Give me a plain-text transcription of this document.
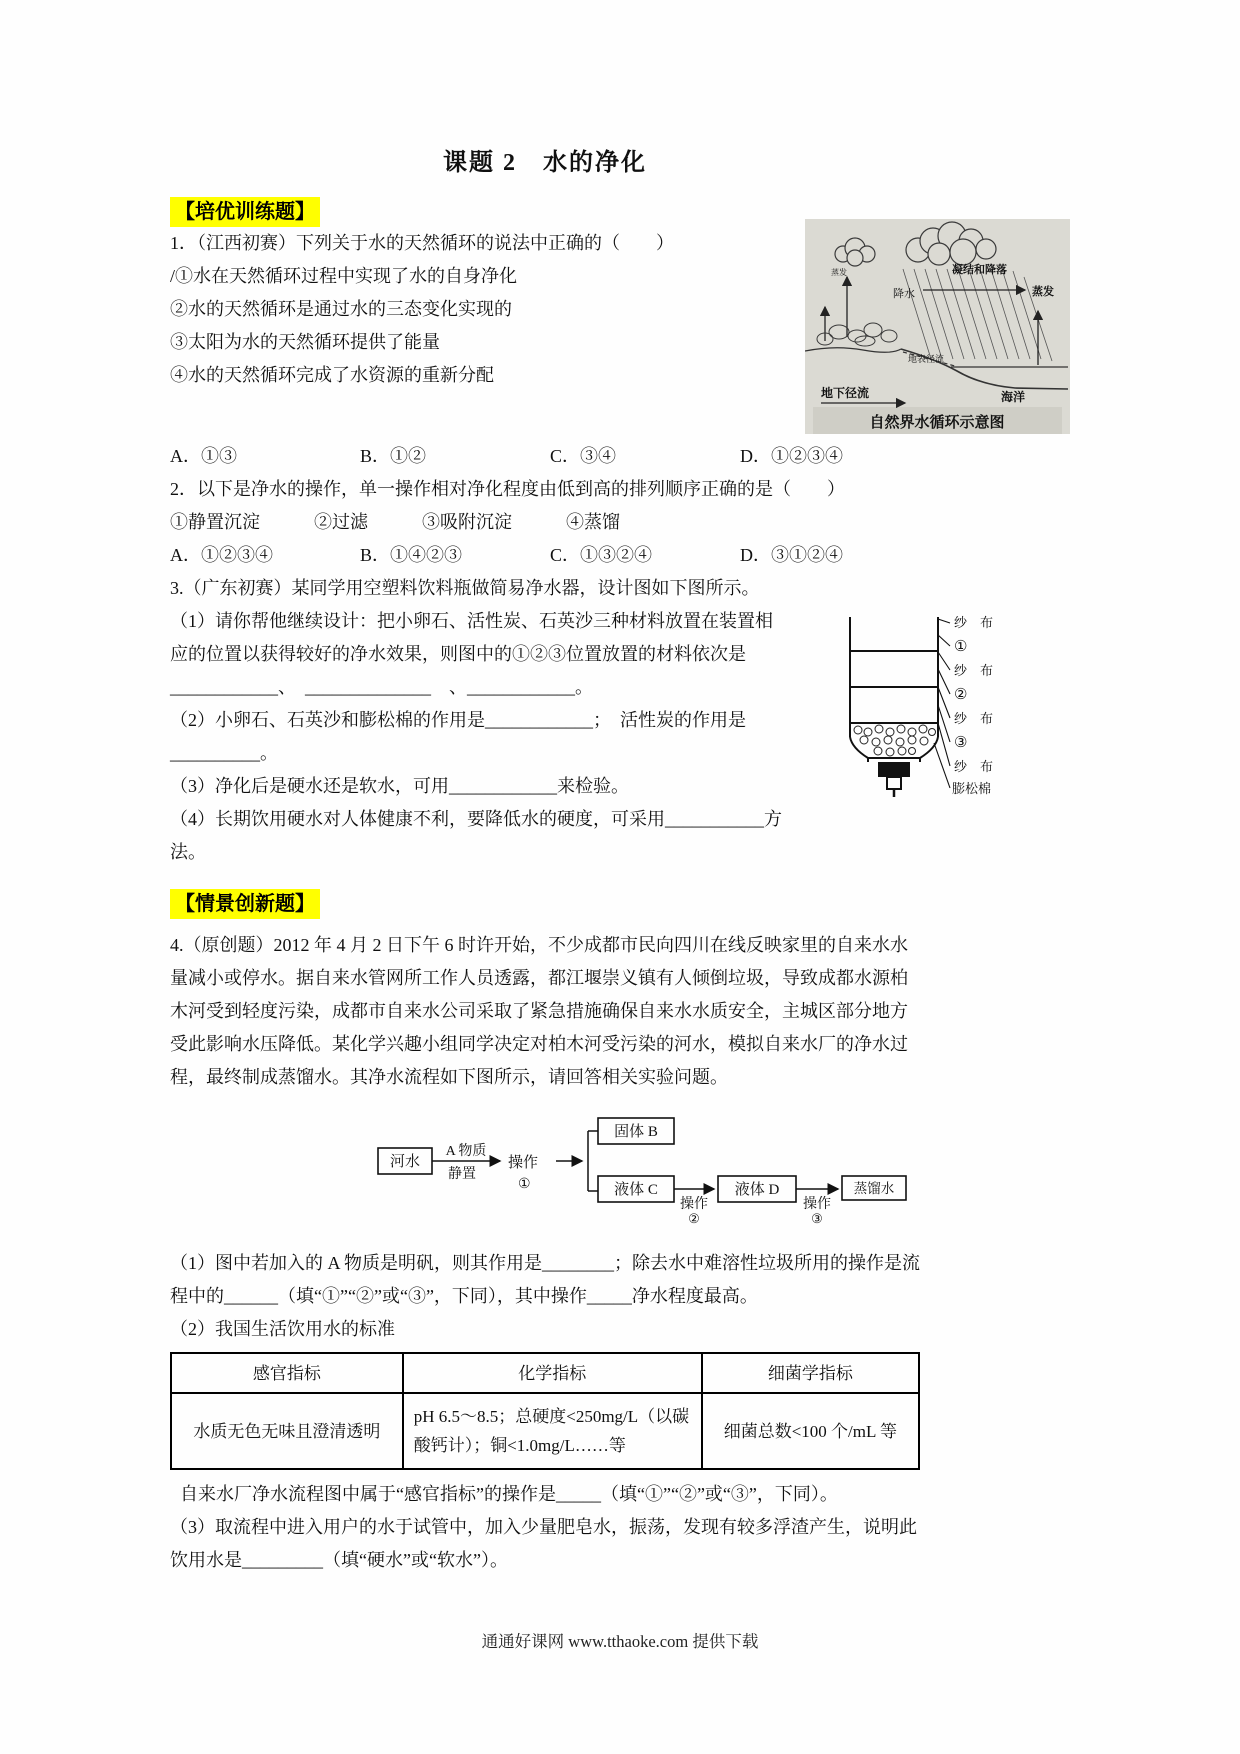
课题 2　水的净化
【培优训练题】
凝结和降落
蒸发
降水	蒸发
地表径流
地下径流	海洋
自然界水循环示意图

1．（江西初赛）下列关于水的天然循环的说法中正确的（　　）

/①水在天然循环过程中实现了水的自身净化

②水的天然循环是通过水的三态变化实现的

③太阳为水的天然循环提供了能量

④水的天然循环完成了水资源的重新分配

A．①③	B．①②	C．③④	D．①②③④

2．以下是净水的操作，单一操作相对净化程度由低到高的排列顺序正确的是（　　）

①静置沉淀　　　②过滤　　　③吸附沉淀　　　④蒸馏

A．①②③④	B．①④②③	C．①③②④	D．③①②④

3.（广东初赛）某同学用空塑料饮料瓶做简易净水器，设计图如下图所示。

纱　布
①
纱　布
②
纱　布
③
纱　布
膨松棉

（1）请你帮他继续设计：把小卵石、活性炭、石英沙三种材料放置在装置相应的位置以获得较好的净水效果，则图中的①②③位置放置的材料依次是____________、　______________　、____________。

（2）小卵石、石英沙和膨松棉的作用是____________；　活性炭的作用是__________。

（3）净化后是硬水还是软水，可用____________来检验。

（4）长期饮用硬水对人体健康不利，要降低水的硬度，可采用___________方法。

【情景创新题】

4.（原创题）2012 年 4 月 2 日下午 6 时许开始，不少成都市民向四川在线反映家里的自来水水量减小或停水。据自来水管网所工作人员透露，都江堰崇义镇有人倾倒垃圾，导致成都水源柏木河受到轻度污染，成都市自来水公司采取了紧急措施确保自来水水质安全，主城区部分地方受此影响水压降低。某化学兴趣小组同学决定对柏木河受污染的河水，模拟自来水厂的净水过程，最终制成蒸馏水。其净水流程如下图所示，请回答相关实验问题。

河水
A 物质
静置
操作
①
固体 B
液体 C
操作
②
液体 D
操作
③
蒸馏水

（1）图中若加入的 A 物质是明矾，则其作用是________；除去水中难溶性垃圾所用的操作是流程中的______（填“①”“②”或“③”，下同），其中操作_____净水程度最高。

（2）我国生活饮用水的标准

感官指标	化学指标	细菌学指标
水质无色无味且澄清透明	pH 6.5～8.5；总硬度<250mg/L（以碳酸钙计）；铜<1.0mg/L……等	细菌总数<100 个/mL 等

自来水厂净水流程图中属于“感官指标”的操作是_____（填“①”“②”或“③”，下同）。

（3）取流程中进入用户的水于试管中，加入少量肥皂水，振荡，发现有较多浮渣产生，说明此饮用水是_________（填“硬水”或“软水”）。

通通好课网 www.tthaoke.com 提供下载
